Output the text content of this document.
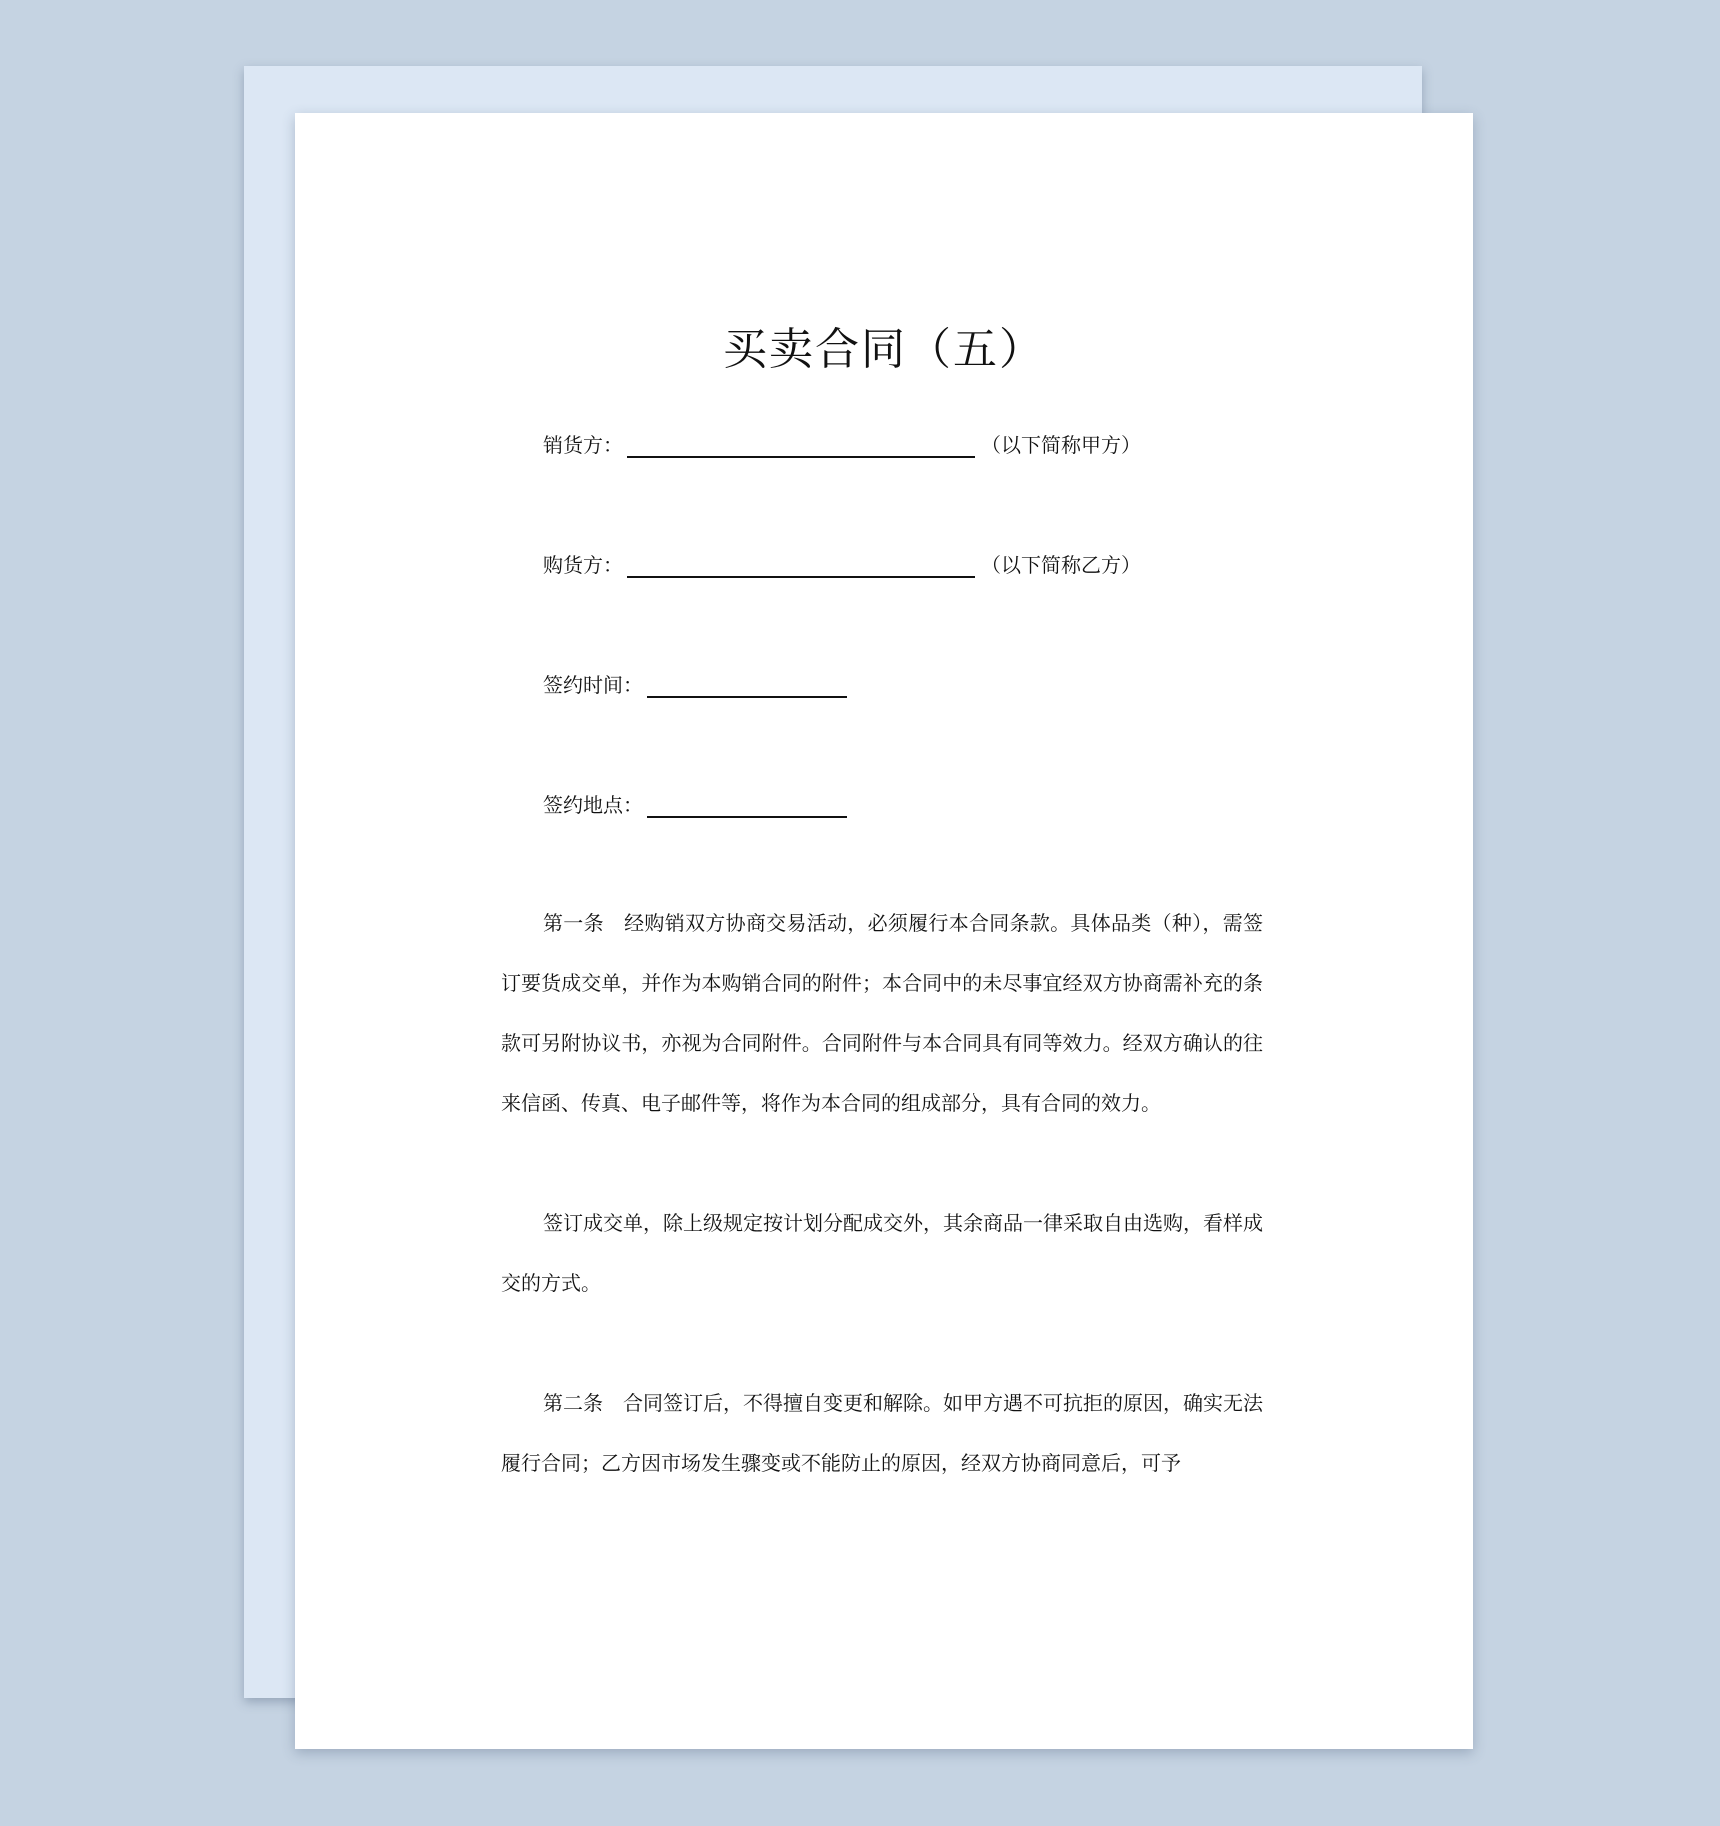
买卖合同（五）
销货方：	（以下简称甲方）
购货方：	（以下简称乙方）
签约时间：
签约地点：

第一条　经购销双方协商交易活动，必须履行本合同条款。具体品类（种），需签订要货成交单，并作为本购销合同的附件；本合同中的未尽事宜经双方协商需补充的条款可另附协议书，亦视为合同附件。合同附件与本合同具有同等效力。经双方确认的往来信函、传真、电子邮件等，将作为本合同的组成部分，具有合同的效力。

签订成交单，除上级规定按计划分配成交外，其余商品一律采取自由选购，看样成交的方式。

第二条　合同签订后，不得擅自变更和解除。如甲方遇不可抗拒的原因，确实无法履行合同；乙方因市场发生骤变或不能防止的原因，经双方协商同意后，可予
